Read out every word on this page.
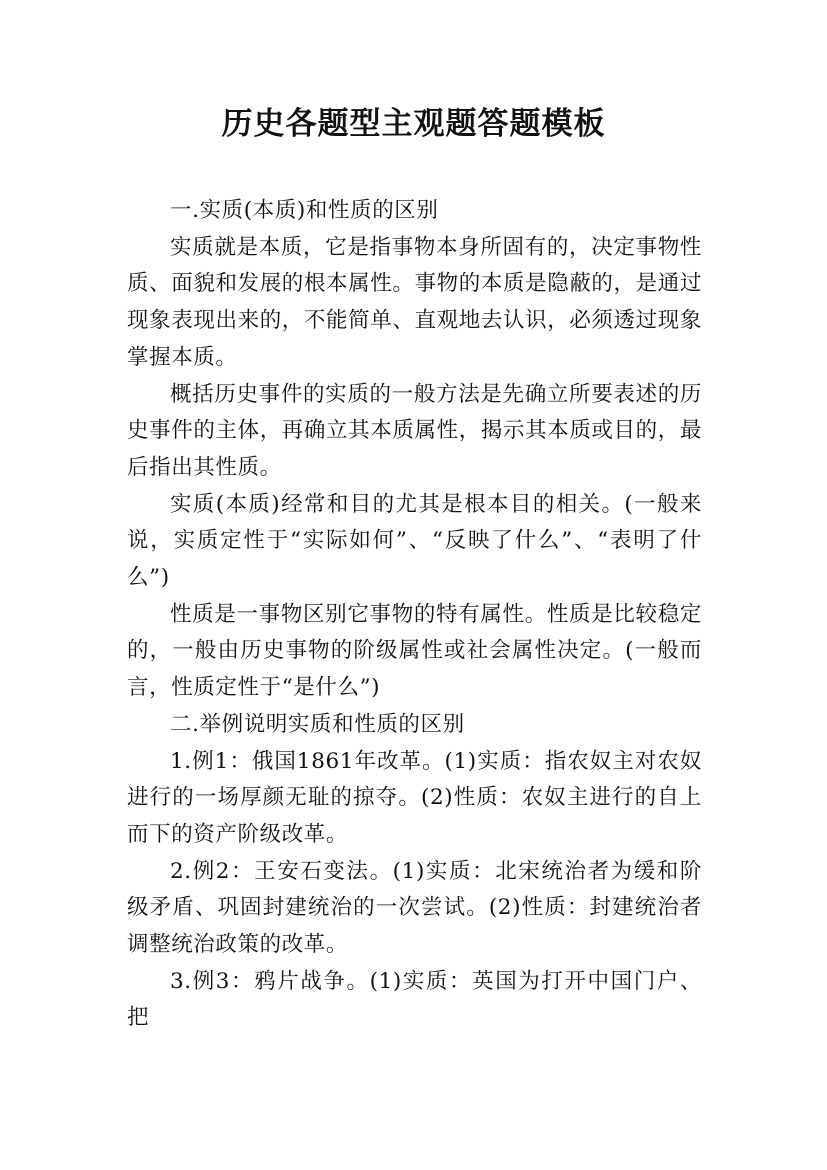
历史各题型主观题答题模板

一.实质(本质)和性质的区别

实质就是本质，它是指事物本身所固有的，决定事物性质、面貌和发展的根本属性。事物的本质是隐蔽的，是通过现象表现出来的，不能简单、直观地去认识，必须透过现象掌握本质。

概括历史事件的实质的一般方法是先确立所要表述的历史事件的主体，再确立其本质属性，揭示其本质或目的，最后指出其性质。

实质(本质)经常和目的尤其是根本目的相关。(一般来说，实质定性于“实际如何”、“反映了什么”、“表明了什么”)

性质是一事物区别它事物的特有属性。性质是比较稳定的，一般由历史事物的阶级属性或社会属性决定。(一般而言，性质定性于“是什么”)

二.举例说明实质和性质的区别

1.例1：俄国1861年改革。(1)实质：指农奴主对农奴进行的一场厚颜无耻的掠夺。(2)性质：农奴主进行的自上而下的资产阶级改革。

2.例2：王安石变法。(1)实质：北宋统治者为缓和阶级矛盾、巩固封建统治的一次尝试。(2)性质：封建统治者调整统治政策的改革。

3.例3：鸦片战争。(1)实质：英国为打开中国门户、把
